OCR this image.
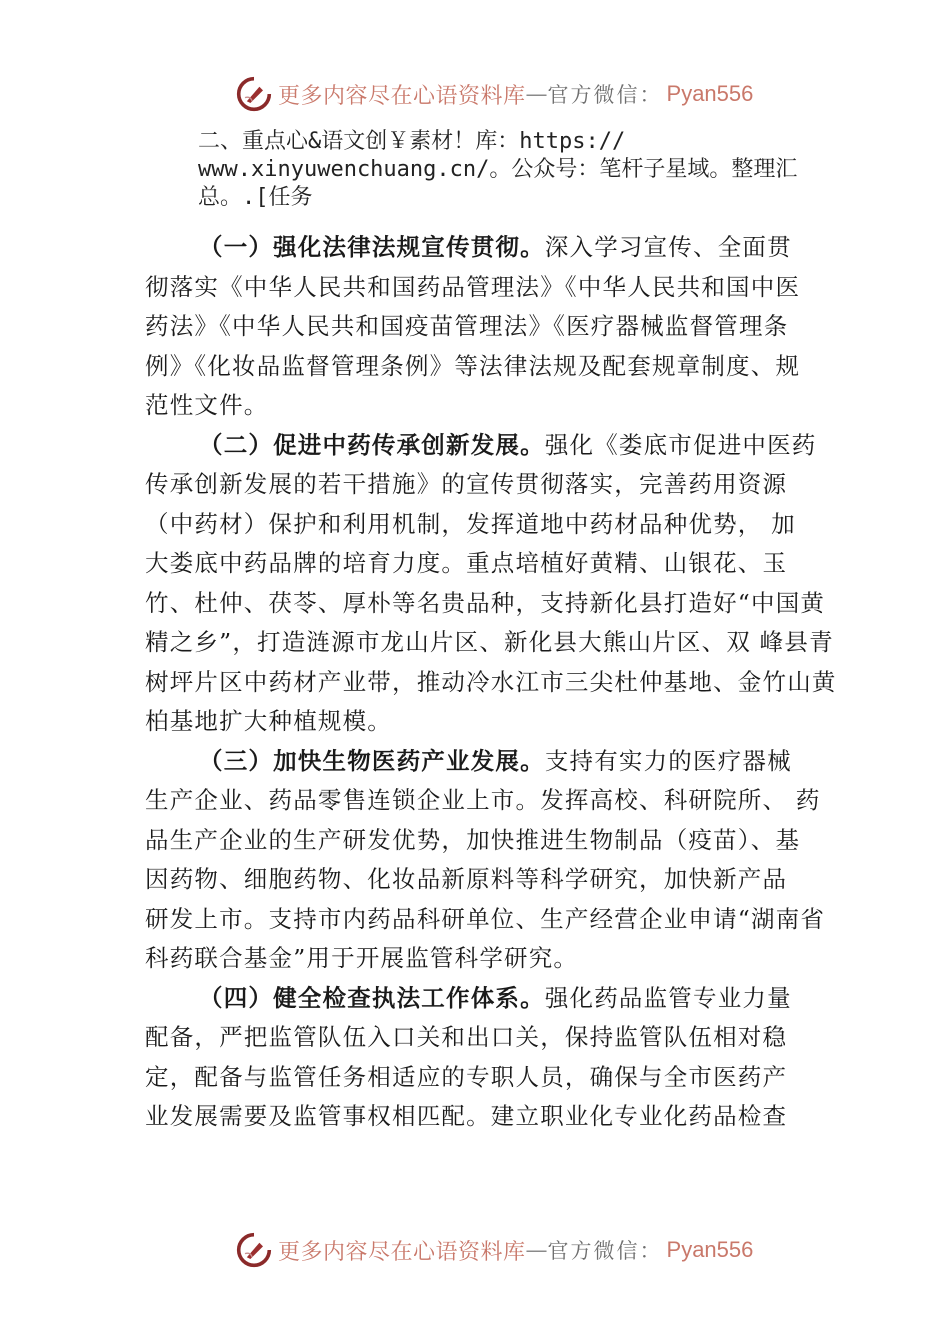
更多内容尽在心语资料库 — 官方微信： Pyan556
二、重点心&语文创￥素材！库：https://
www.xinyuwenchuang.cn/。公众号：笔杆子星域。整理汇
总。.[任务
（一）强化法律法规宣传贯彻。深入学习宣传、全面贯
彻落实《中华人民共和国药品管理法》《中华人民共和国中医
药法》《中华人民共和国疫苗管理法》《医疗器械监督管理条
例》《化妆品监督管理条例》等法律法规及配套规章制度、规
范性文件。
（二）促进中药传承创新发展。强化《娄底市促进中医药
传承创新发展的若干措施》的宣传贯彻落实，完善药用资源
（中药材）保护和利用机制，发挥道地中药材品种优势， 加
大娄底中药品牌的培育力度。重点培植好黄精、山银花、玉
竹、杜仲、茯苓、厚朴等名贵品种，支持新化县打造好“中国黄
精之乡”，打造涟源市龙山片区、新化县大熊山片区、双 峰县青
树坪片区中药材产业带，推动冷水江市三尖杜仲基地、金竹山黄
柏基地扩大种植规模。
（三）加快生物医药产业发展。支持有实力的医疗器械
生产企业、药品零售连锁企业上市。发挥高校、科研院所、 药
品生产企业的生产研发优势，加快推进生物制品（疫苗）、基
因药物、细胞药物、化妆品新原料等科学研究，加快新产品
研发上市。支持市内药品科研单位、生产经营企业申请“湖南省
科药联合基金”用于开展监管科学研究。
（四）健全检查执法工作体系。强化药品监管专业力量
配备，严把监管队伍入口关和出口关，保持监管队伍相对稳
定，配备与监管任务相适应的专职人员，确保与全市医药产
业发展需要及监管事权相匹配。建立职业化专业化药品检查
更多内容尽在心语资料库 — 官方微信： Pyan556
